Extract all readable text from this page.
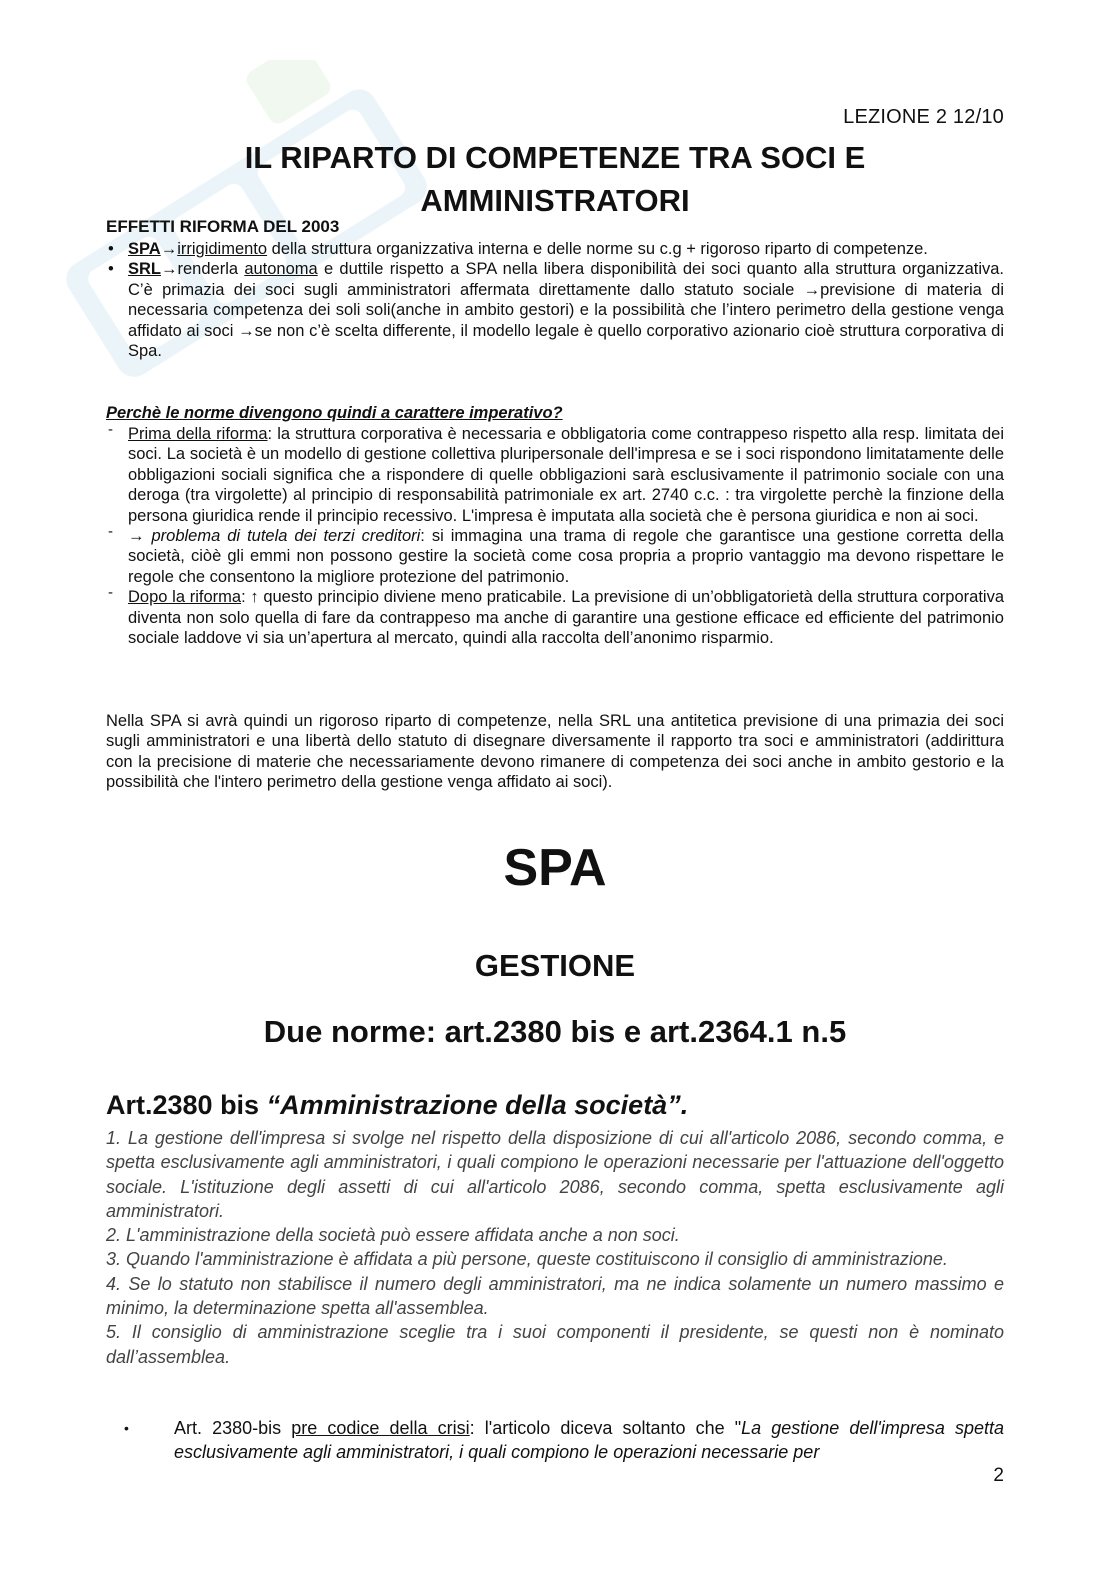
LEZIONE 2 12/10
IL RIPARTO DI COMPETENZE TRA SOCI E
AMMINISTRATORI
EFFETTI RIFORMA DEL 2003
• SPA→irrigidimento della struttura organizzativa interna e delle norme su c.g + rigoroso riparto di competenze.
• SRL→renderla autonoma e duttile rispetto a SPA nella libera disponibilità dei soci quanto alla struttura organizzativa. C’è primazia dei soci sugli amministratori affermata direttamente dallo statuto sociale →previsione di materia di necessaria competenza dei soli soli(anche in ambito gestori) e la possibilità che l’intero perimetro della gestione venga affidato ai soci →se non c’è scelta differente, il modello legale è quello corporativo azionario cioè struttura corporativa di Spa.
Perchè le norme divengono quindi a carattere imperativo?
- Prima della riforma: la struttura corporativa è necessaria e obbligatoria come contrappeso rispetto alla resp. limitata dei soci. La società è un modello di gestione collettiva pluripersonale dell'impresa e se i soci rispondono limitatamente delle obbligazioni sociali significa che a rispondere di quelle obbligazioni sarà esclusivamente il patrimonio sociale con una deroga (tra virgolette) al principio di responsabilità patrimoniale ex art. 2740 c.c. : tra virgolette perchè la finzione della persona giuridica rende il principio recessivo. L'impresa è imputata alla società che è persona giuridica e non ai soci.
- → problema di tutela dei terzi creditori: si immagina una trama di regole che garantisce una gestione corretta della società, ciòè gli emmi non possono gestire la società come cosa propria a proprio vantaggio ma devono rispettare le regole che consentono la migliore protezione del patrimonio.
- Dopo la riforma: ↑ questo principio diviene meno praticabile. La previsione di un’obbligatorietà della struttura corporativa diventa non solo quella di fare da contrappeso ma anche di garantire una gestione efficace ed efficiente del patrimonio sociale laddove vi sia un’apertura al mercato, quindi alla raccolta dell’anonimo risparmio.
Nella SPA si avrà quindi un rigoroso riparto di competenze, nella SRL una antitetica previsione di una primazia dei soci sugli amministratori e una libertà dello statuto di disegnare diversamente il rapporto tra soci e amministratori (addirittura con la precisione di materie che necessariamente devono rimanere di competenza dei soci anche in ambito gestorio e la possibilità che l'intero perimetro della gestione venga affidato ai soci).
SPA
GESTIONE
Due norme: art.2380 bis e art.2364.1 n.5
Art.2380 bis “Amministrazione della società”.

1. La gestione dell'impresa si svolge nel rispetto della disposizione di cui all'articolo 2086, secondo comma, e spetta esclusivamente agli amministratori, i quali compiono le operazioni necessarie per l'attuazione dell'oggetto sociale. L'istituzione degli assetti di cui all'articolo 2086, secondo comma, spetta esclusivamente agli amministratori.

2. L'amministrazione della società può essere affidata anche a non soci.

3. Quando l'amministrazione è affidata a più persone, queste costituiscono il consiglio di amministrazione.

4. Se lo statuto non stabilisce il numero degli amministratori, ma ne indica solamente un numero massimo e minimo, la determinazione spetta all'assemblea.

5. Il consiglio di amministrazione sceglie tra i suoi componenti il presidente, se questi non è nominato dall’assemblea.

•	Art. 2380-bis pre codice della crisi: l'articolo diceva soltanto che "La gestione dell'impresa spetta esclusivamente agli amministratori, i quali compiono le operazioni necessarie per
2
